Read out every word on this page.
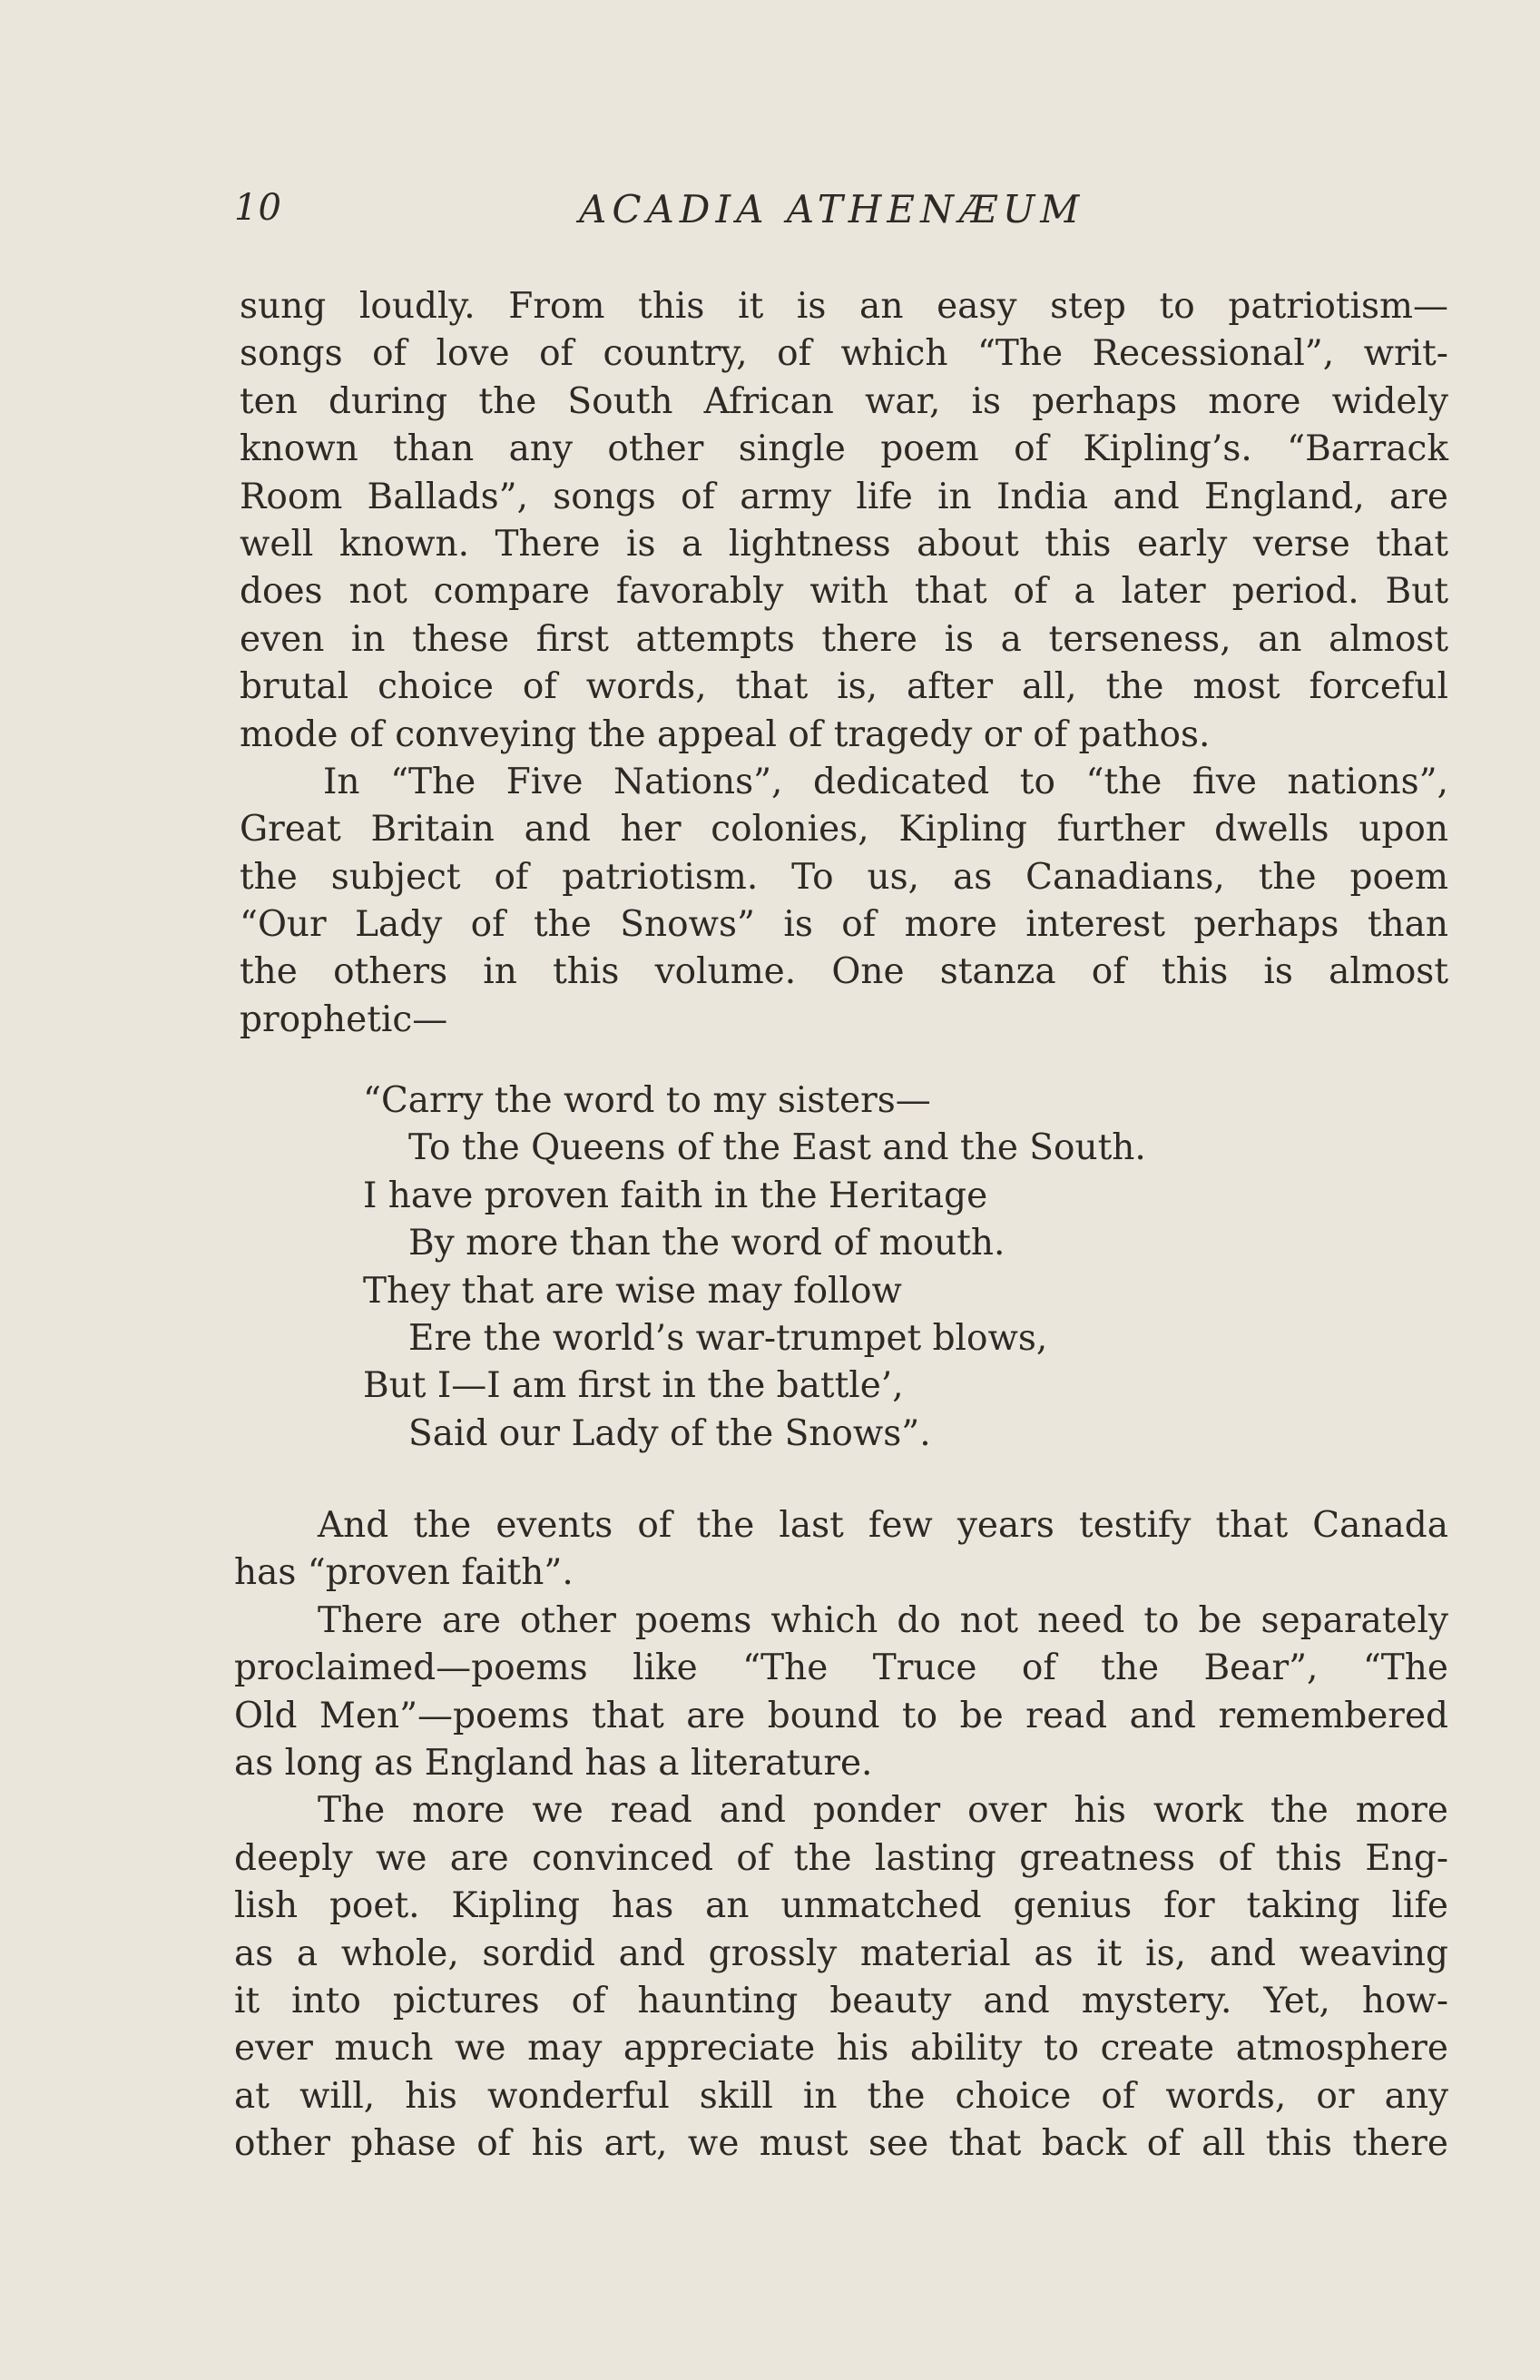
10	ACADIA ATHENÆUM
sung loudly. From this it is an easy step to patriotism—
songs of love of country, of which “The Recessional”, writ-
ten during the South African war, is perhaps more widely
known than any other single poem of Kipling’s. “Barrack
Room Ballads”, songs of army life in India and England, are
well known. There is a lightness about this early verse that
does not compare favorably with that of a later period. But
even in these first attempts there is a terseness, an almost
brutal choice of words, that is, after all, the most forceful
mode of conveying the appeal of tragedy or of pathos.
In “The Five Nations”, dedicated to “the five nations”,
Great Britain and her colonies, Kipling further dwells upon
the subject of patriotism. To us, as Canadians, the poem
“Our Lady of the Snows” is of more interest perhaps than
the others in this volume. One stanza of this is almost
prophetic—
“Carry the word to my sisters—
To the Queens of the East and the South.
I have proven faith in the Heritage
By more than the word of mouth.
They that are wise may follow
Ere the world’s war-trumpet blows,
But I—I am first in the battle’,
Said our Lady of the Snows”.
And the events of the last few years testify that Canada
has “proven faith”.
There are other poems which do not need to be separately
proclaimed—poems like “The Truce of the Bear”, “The
Old Men”—poems that are bound to be read and remembered
as long as England has a literature.
The more we read and ponder over his work the more
deeply we are convinced of the lasting greatness of this Eng-
lish poet. Kipling has an unmatched genius for taking life
as a whole, sordid and grossly material as it is, and weaving
it into pictures of haunting beauty and mystery. Yet, how-
ever much we may appreciate his ability to create atmosphere
at will, his wonderful skill in the choice of words, or any
other phase of his art, we must see that back of all this there
